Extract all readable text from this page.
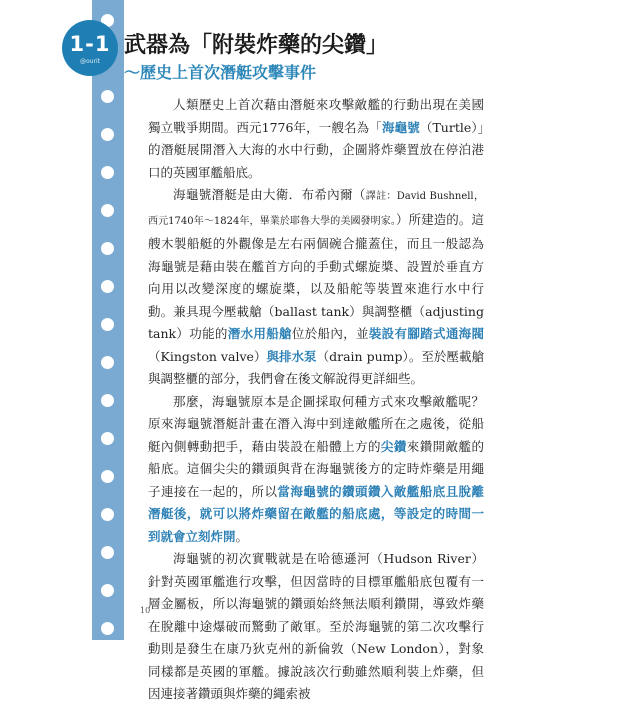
1-1
@ourit
武器為「附裝炸藥的尖鑽」
～歷史上首次潛艇攻擊事件

人類歷史上首次藉由潛艇來攻擊敵艦的行動出現在美國獨立戰爭期間。西元1776年，一艘名為「海龜號（Turtle）」的潛艇展開潛入大海的水中行動，企圖將炸藥置放在停泊港口的英國軍艦船底。

海龜號潛艇是由大衛．布希內爾（譯註：David Bushnell，西元1740年～1824年，畢業於耶魯大學的美國發明家。）所建造的。這艘木製船艇的外觀像是左右兩個碗合攏蓋住，而且一般認為海龜號是藉由裝在艦首方向的手動式螺旋槳、設置於垂直方向用以改變深度的螺旋槳，以及船舵等裝置來進行水中行動。兼具現今壓載艙（ballast tank）與調整櫃（adjusting tank）功能的潛水用船艙位於船內，並裝設有腳踏式通海閥（Kingston valve）與排水泵（drain pump）。至於壓載艙與調整櫃的部分，我們會在後文解說得更詳細些。

那麼，海龜號原本是企圖採取何種方式來攻擊敵艦呢？原來海龜號潛艇計畫在潛入海中到達敵艦所在之處後，從船艇內側轉動把手，藉由裝設在船體上方的尖鑽來鑽開敵艦的船底。這個尖尖的鑽頭與背在海龜號後方的定時炸藥是用繩子連接在一起的，所以當海龜號的鑽頭鑽入敵艦船底且脫離潛艇後，就可以將炸藥留在敵艦的船底處，等設定的時間一到就會立刻炸開。

海龜號的初次實戰就是在哈德遜河（Hudson River）針對英國軍艦進行攻擊，但因當時的目標軍艦船底包覆有一層金屬板，所以海龜號的鑽頭始終無法順利鑽開，導致炸藥在脫離中途爆破而驚動了敵軍。至於海龜號的第二次攻擊行動則是發生在康乃狄克州的新倫敦（New London），對象同樣都是英國的軍艦。據說該次行動雖然順利裝上炸藥，但因連接著鑽頭與炸藥的繩索被

10
